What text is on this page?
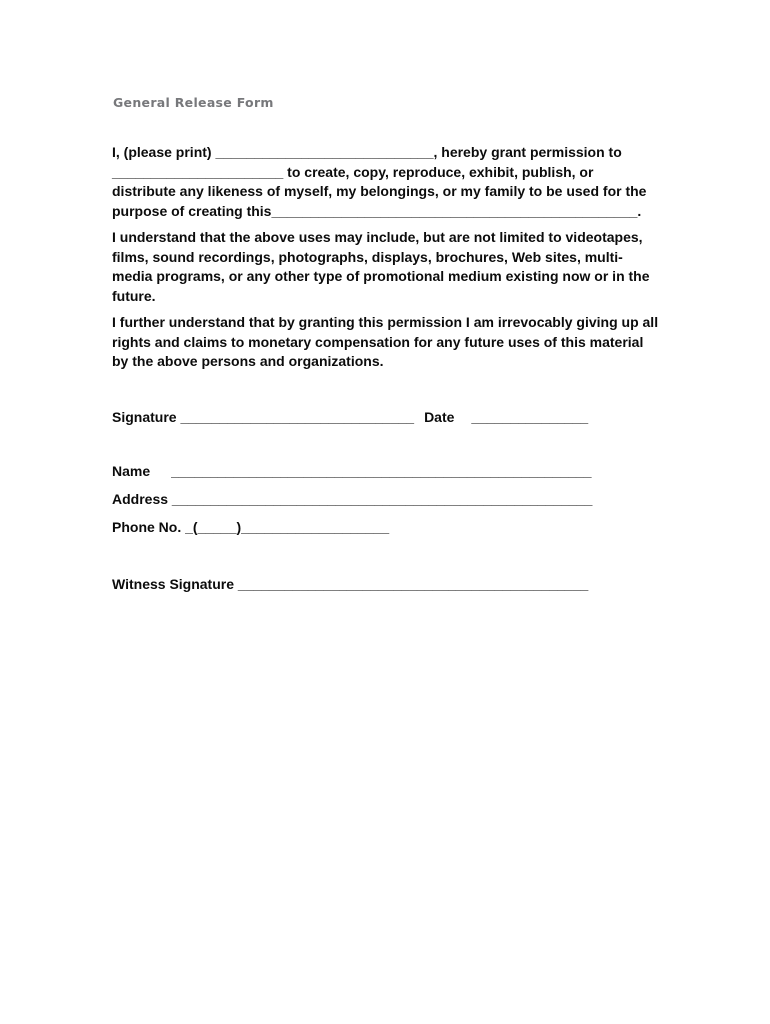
General Release Form
I, (please print) ____________________________, hereby grant permission to
______________________ to create, copy, reproduce, exhibit, publish, or
distribute any likeness of myself, my belongings, or my family to be used for the
purpose of creating this_______________________________________________.
I understand that the above uses may include, but are not limited to videotapes,
films, sound recordings, photographs, displays, brochures, Web sites, multi-
media programs, or any other type of promotional medium existing now or in the
future.
I further understand that by granting this permission I am irrevocably giving up all
rights and claims to monetary compensation for any future uses of this material
by the above persons and organizations.
Signature ______________________________ Date _______________
Name ______________________________________________________
Address ______________________________________________________
Phone No. _(_____)___________________
Witness Signature _____________________________________________
